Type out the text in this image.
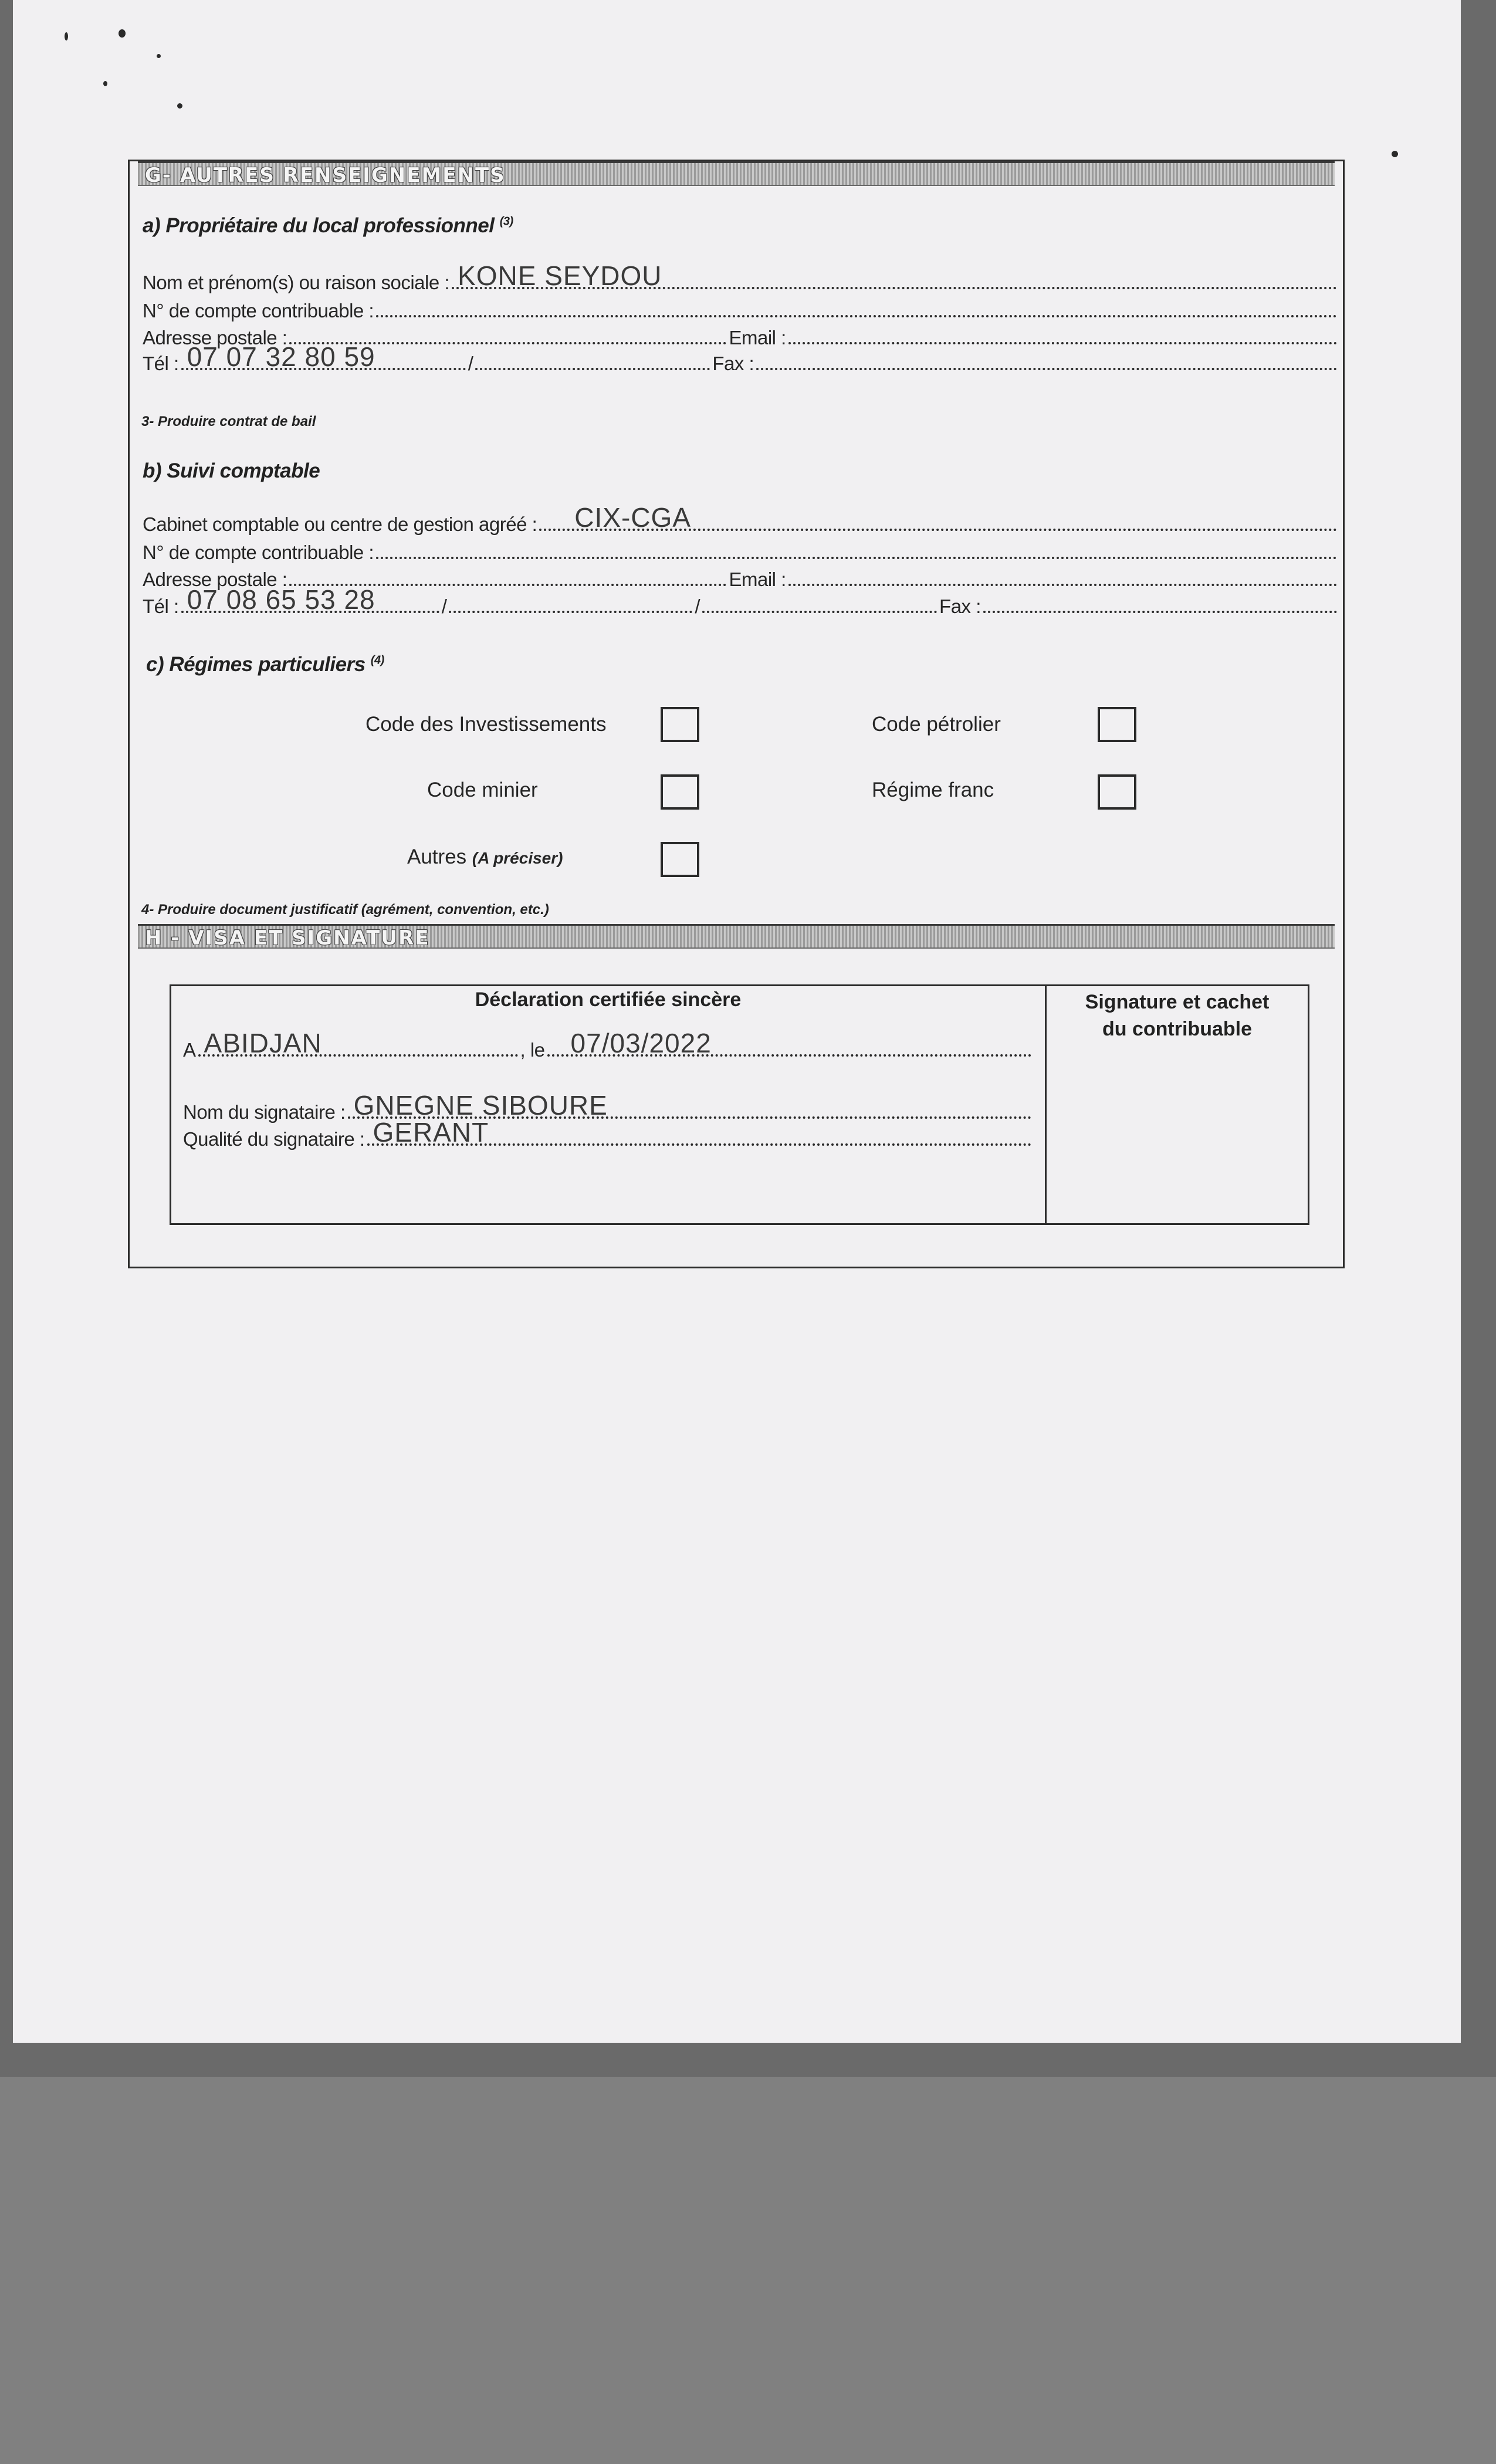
G- AUTRES RENSEIGNEMENTS
a) Propriétaire du local professionnel $^{(3)}$
Nom et prénom(s) ou raison sociale : KONE SEYDOU
N° de compte contribuable :
Adresse postale :	Email :
Tél : 07 07 32 80 59	/	Fax :
3- Produire contrat de bail
b) Suivi comptable
Cabinet comptable ou centre de gestion agréé : CIX-CGA
N° de compte contribuable :
Adresse postale :	Email :
Tél : 07 08 65 53 28	/	/	Fax :
c) Régimes particuliers $^{(4)}$
Code des Investissements	Code pétrolier
Code minier	Régime franc
Autres (A préciser)
4- Produire document justificatif (agrément, convention, etc.)
H - VISA ET SIGNATURE
Déclaration certifiée sincère
A ABIDJAN	, le 07/03/2022
Nom du signataire : GNEGNE SIBOURE
Qualité du signataire : GERANT
Signature et cachet
du contribuable
